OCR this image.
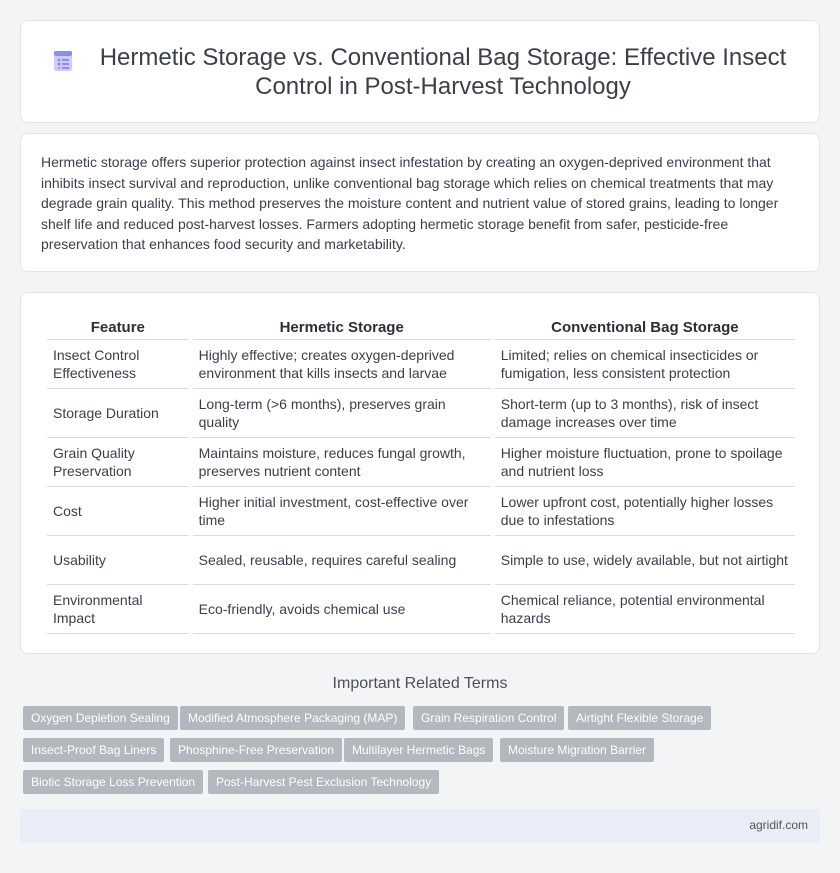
Hermetic Storage vs. Conventional Bag Storage: Effective Insect Control in Post-Harvest Technology

Hermetic storage offers superior protection against insect infestation by creating an oxygen-deprived environment that inhibits insect survival and reproduction, unlike conventional bag storage which relies on chemical treatments that may degrade grain quality. This method preserves the moisture content and nutrient value of stored grains, leading to longer shelf life and reduced post-harvest losses. Farmers adopting hermetic storage benefit from safer, pesticide-free preservation that enhances food security and marketability.

Feature	Hermetic Storage	Conventional Bag Storage
Insect Control Effectiveness	Highly effective; creates oxygen-deprived environment that kills insects and larvae	Limited; relies on chemical insecticides or fumigation, less consistent protection
Storage Duration	Long-term (>6 months), preserves grain quality	Short-term (up to 3 months), risk of insect damage increases over time
Grain Quality Preservation	Maintains moisture, reduces fungal growth, preserves nutrient content	Higher moisture fluctuation, prone to spoilage and nutrient loss
Cost	Higher initial investment, cost-effective over time	Lower upfront cost, potentially higher losses due to infestations
Usability	Sealed, reusable, requires careful sealing	Simple to use, widely available, but not airtight
Environmental Impact	Eco-friendly, avoids chemical use	Chemical reliance, potential environmental hazards
Important Related Terms
Oxygen Depletion Sealing	Modified Atmosphere Packaging (MAP)	Grain Respiration Control	Airtight Flexible Storage
Insect-Proof Bag Liners	Phosphine-Free Preservation	Multilayer Hermetic Bags	Moisture Migration Barrier
Biotic Storage Loss Prevention	Post-Harvest Pest Exclusion Technology
agridif.com
